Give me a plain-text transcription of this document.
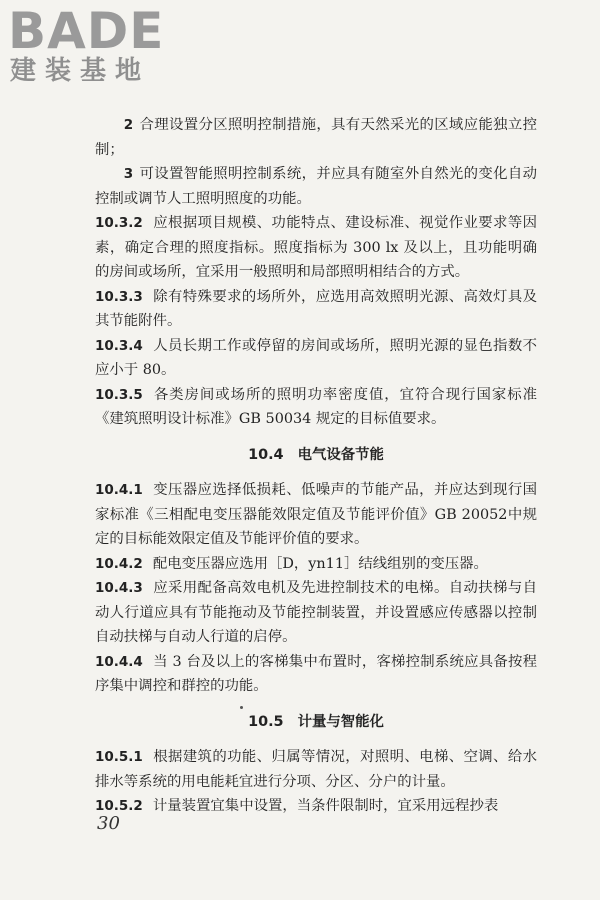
BADE
建装基地

2 合理设置分区照明控制措施，具有天然采光的区域应能独立控制；

3 可设置智能照明控制系统，并应具有随室外自然光的变化自动控制或调节人工照明照度的功能。

10.3.2 应根据项目规模、功能特点、建设标准、视觉作业要求等因素，确定合理的照度指标。照度指标为 300 lx 及以上，且功能明确的房间或场所，宜采用一般照明和局部照明相结合的方式。

10.3.3 除有特殊要求的场所外，应选用高效照明光源、高效灯具及其节能附件。

10.3.4 人员长期工作或停留的房间或场所，照明光源的显色指数不应小于 80。

10.3.5 各类房间或场所的照明功率密度值，宜符合现行国家标准《建筑照明设计标准》GB 50034 规定的目标值要求。

10.4 电气设备节能

10.4.1 变压器应选择低损耗、低噪声的节能产品，并应达到现行国家标准《三相配电变压器能效限定值及节能评价值》GB 20052中规定的目标能效限定值及节能评价值的要求。

10.4.2 配电变压器应选用［D，yn11］结线组别的变压器。

10.4.3 应采用配备高效电机及先进控制技术的电梯。自动扶梯与自动人行道应具有节能拖动及节能控制装置，并设置感应传感器以控制自动扶梯与自动人行道的启停。

10.4.4 当 3 台及以上的客梯集中布置时，客梯控制系统应具备按程序集中调控和群控的功能。

10.5 计量与智能化

10.5.1 根据建筑的功能、归属等情况，对照明、电梯、空调、给水排水等系统的用电能耗宜进行分项、分区、分户的计量。

10.5.2 计量装置宜集中设置，当条件限制时，宜采用远程抄表

30
